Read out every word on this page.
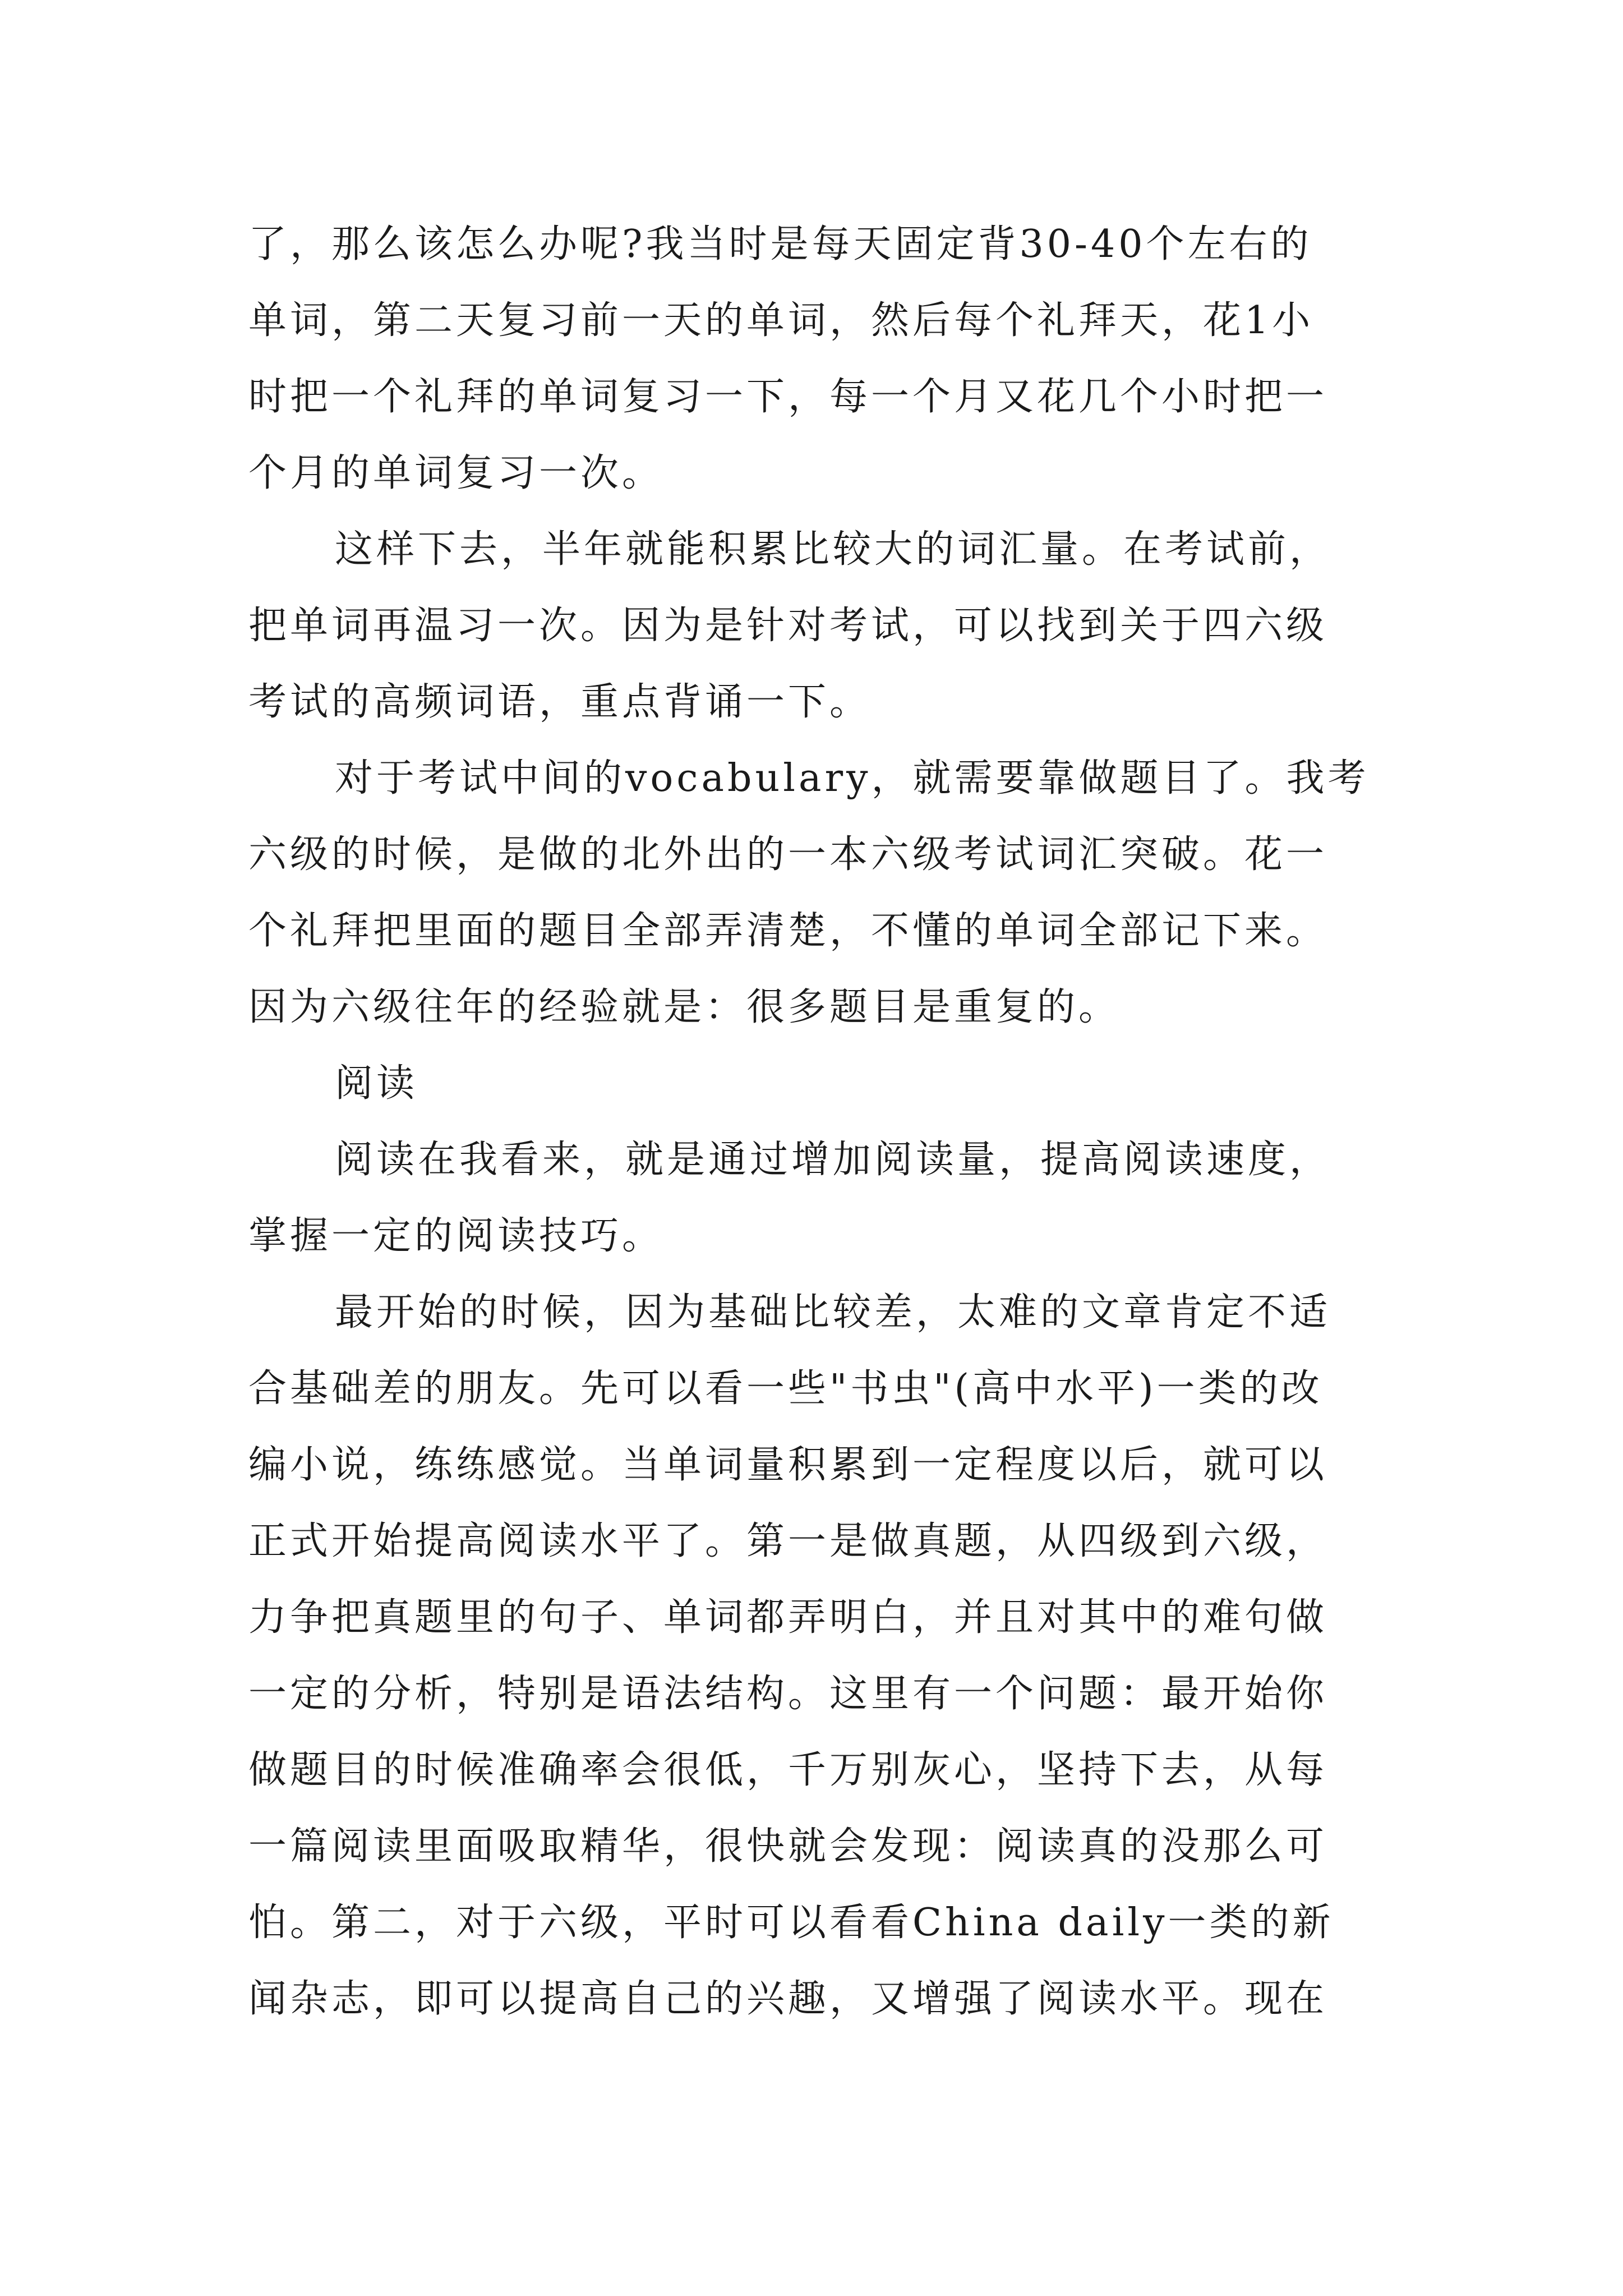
了，那么该怎么办呢?我当时是每天固定背30-40个左右的
单词，第二天复习前一天的单词，然后每个礼拜天，花1小
时把一个礼拜的单词复习一下，每一个月又花几个小时把一
个月的单词复习一次。
这样下去，半年就能积累比较大的词汇量。在考试前，
把单词再温习一次。因为是针对考试，可以找到关于四六级
考试的高频词语，重点背诵一下。
对于考试中间的vocabulary，就需要靠做题目了。我考
六级的时候，是做的北外出的一本六级考试词汇突破。花一
个礼拜把里面的题目全部弄清楚，不懂的单词全部记下来。
因为六级往年的经验就是：很多题目是重复的。
阅读
阅读在我看来，就是通过增加阅读量，提高阅读速度，
掌握一定的阅读技巧。
最开始的时候，因为基础比较差，太难的文章肯定不适
合基础差的朋友。先可以看一些"书虫"(高中水平)一类的改
编小说，练练感觉。当单词量积累到一定程度以后，就可以
正式开始提高阅读水平了。第一是做真题，从四级到六级，
力争把真题里的句子、单词都弄明白，并且对其中的难句做
一定的分析，特别是语法结构。这里有一个问题：最开始你
做题目的时候准确率会很低，千万别灰心，坚持下去，从每
一篇阅读里面吸取精华，很快就会发现：阅读真的没那么可
怕。第二，对于六级，平时可以看看China daily一类的新
闻杂志，即可以提高自己的兴趣，又增强了阅读水平。现在
